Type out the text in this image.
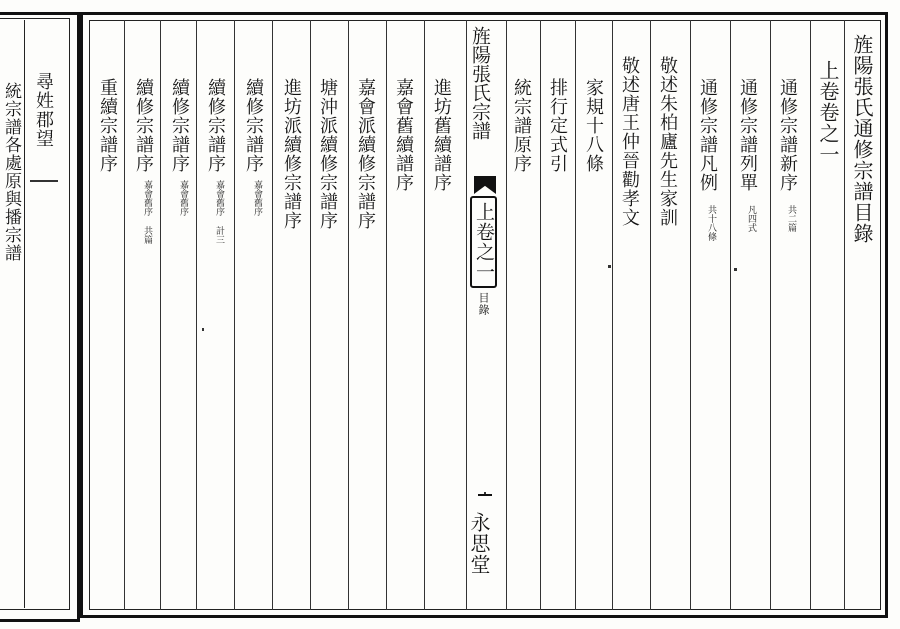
尋姓郡望
統宗譜各處原與播宗譜	旌陽張氏通修宗譜目錄
上卷卷之一
通修宗譜新序
共二篇
通修宗譜列單
凡四式
通修宗譜凡例
共十八條
敬述朱柏廬先生家訓
敬述唐王仲晉勸孝文
家規十八條
排行定式引
統宗譜原序
旌陽張氏宗譜
上卷之一
目錄
永思堂
進坊舊續譜序
嘉會舊續譜序
嘉會派續修宗譜序
塘沖派續修宗譜序
進坊派續修宗譜序
續修宗譜序
嘉會舊序
續修宗譜序
嘉會舊序 計三
續修宗譜序
嘉會舊序
續修宗譜序
嘉會舊序 共篇
重續宗譜序
